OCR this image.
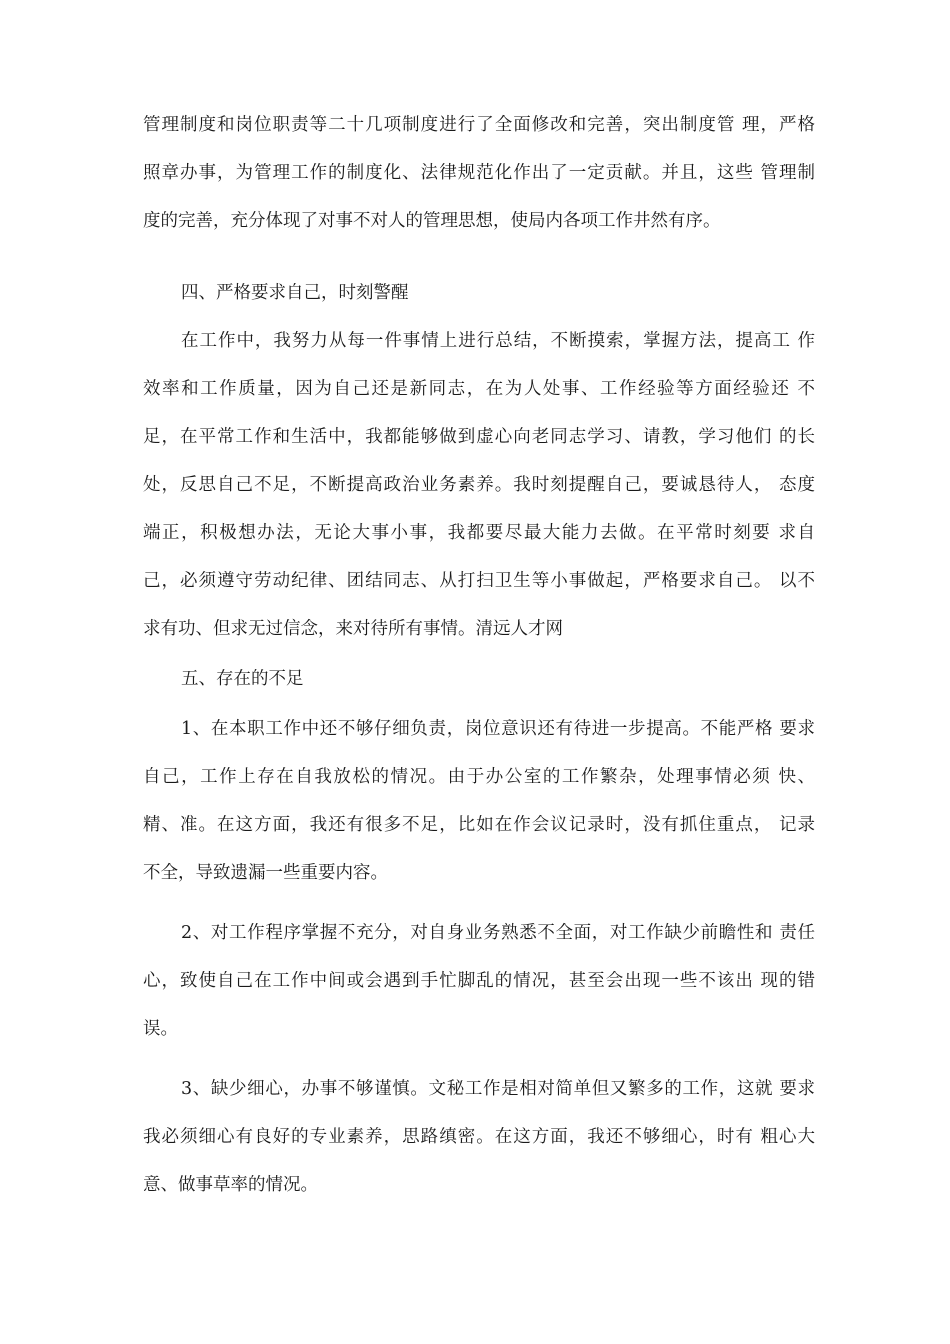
管理制度和岗位职责等二十几项制度进行了全面修改和完善，突出制度管 理，严格
照章办事，为管理工作的制度化、法律规范化作出了一定贡献。并且，这些 管理制
度的完善，充分体现了对事不对人的管理思想，使局内各项工作井然有序。
四、严格要求自己，时刻警醒
在工作中，我努力从每一件事情上进行总结，不断摸索，掌握方法，提高工 作
效率和工作质量，因为自己还是新同志，在为人处事、工作经验等方面经验还 不
足，在平常工作和生活中，我都能够做到虚心向老同志学习、请教，学习他们 的长
处，反思自己不足，不断提高政治业务素养。我时刻提醒自己，要诚恳待人， 态度
端正，积极想办法，无论大事小事，我都要尽最大能力去做。在平常时刻要 求自
己，必须遵守劳动纪律、团结同志、从打扫卫生等小事做起，严格要求自己。 以不
求有功、但求无过信念，来对待所有事情。清远人才网
五、存在的不足
1、在本职工作中还不够仔细负责，岗位意识还有待进一步提高。不能严格 要求
自己，工作上存在自我放松的情况。由于办公室的工作繁杂，处理事情必须 快、
精、准。在这方面，我还有很多不足，比如在作会议记录时，没有抓住重点， 记录
不全，导致遗漏一些重要内容。
2、对工作程序掌握不充分，对自身业务熟悉不全面，对工作缺少前瞻性和 责任
心，致使自己在工作中间或会遇到手忙脚乱的情况，甚至会出现一些不该出 现的错
误。
3、缺少细心，办事不够谨慎。文秘工作是相对简单但又繁多的工作，这就 要求
我必须细心有良好的专业素养，思路缜密。在这方面，我还不够细心，时有 粗心大
意、做事草率的情况。
